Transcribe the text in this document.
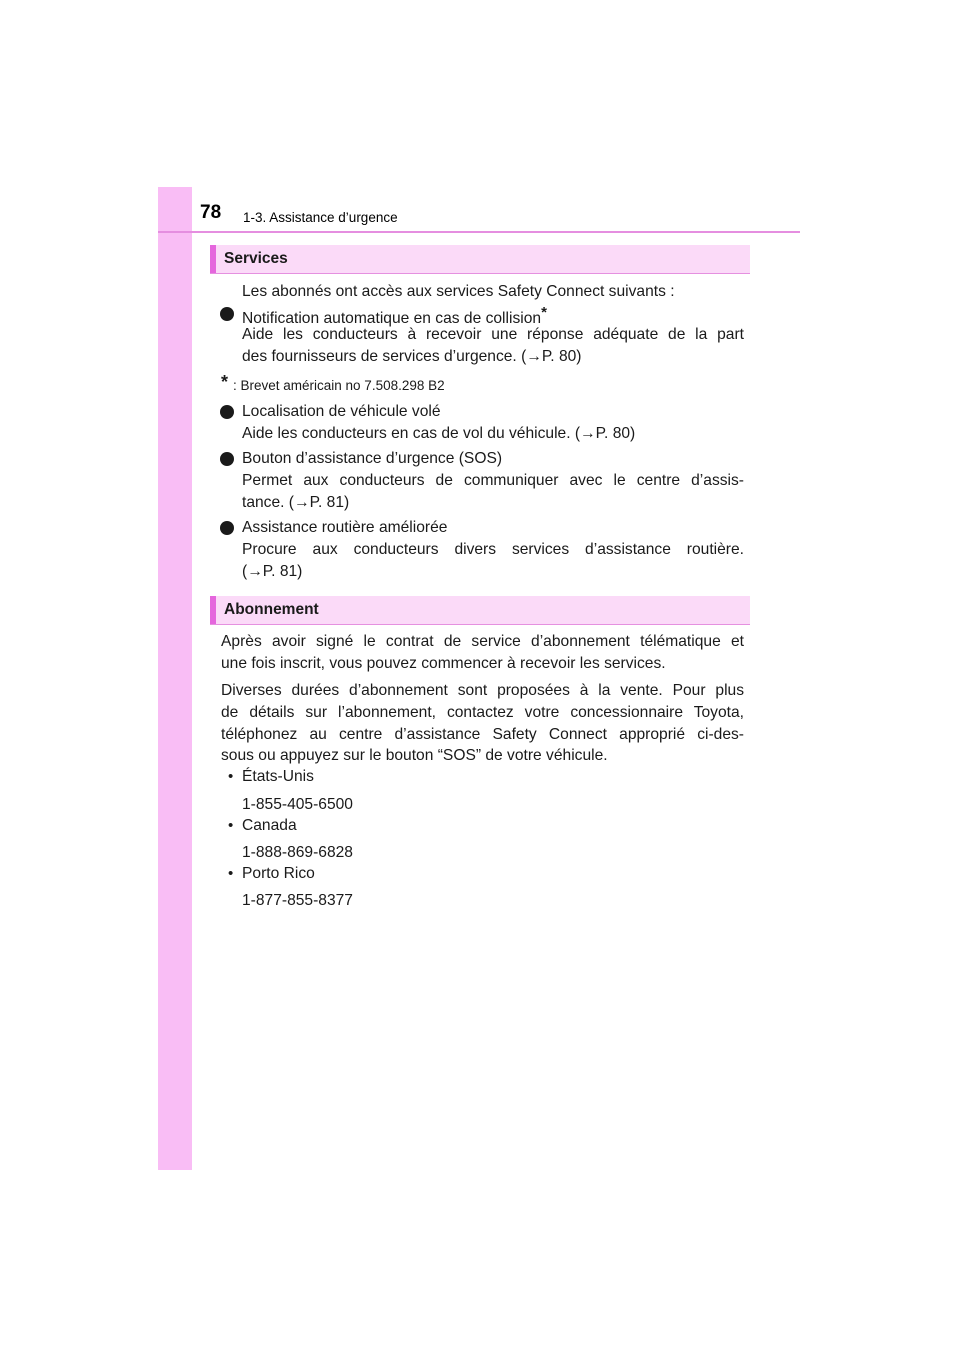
78 1-3. Assistance d’urgence
Services
Les abonnés ont accès aux services Safety Connect suivants :
Notification automatique en cas de collision*
Aide les conducteurs à recevoir une réponse adéquate de la part
des fournisseurs de services d’urgence. (→P. 80)
* : Brevet américain no 7.508.298 B2
Localisation de véhicule volé
Aide les conducteurs en cas de vol du véhicule. (→P. 80)
Bouton d’assistance d’urgence (SOS)
Permet aux conducteurs de communiquer avec le centre d’assis-
tance. (→P. 81)
Assistance routière améliorée
Procure aux conducteurs divers services d’assistance routière.
(→P. 81)
Abonnement
Après avoir signé le contrat de service d’abonnement télématique et
une fois inscrit, vous pouvez commencer à recevoir les services.
Diverses durées d’abonnement sont proposées à la vente. Pour plus
de détails sur l’abonnement, contactez votre concessionnaire Toyota,
téléphonez au centre d’assistance Safety Connect approprié ci-des-
sous ou appuyez sur le bouton “SOS” de votre véhicule.
• États-Unis
1-855-405-6500
• Canada
1-888-869-6828
• Porto Rico
1-877-855-8377
